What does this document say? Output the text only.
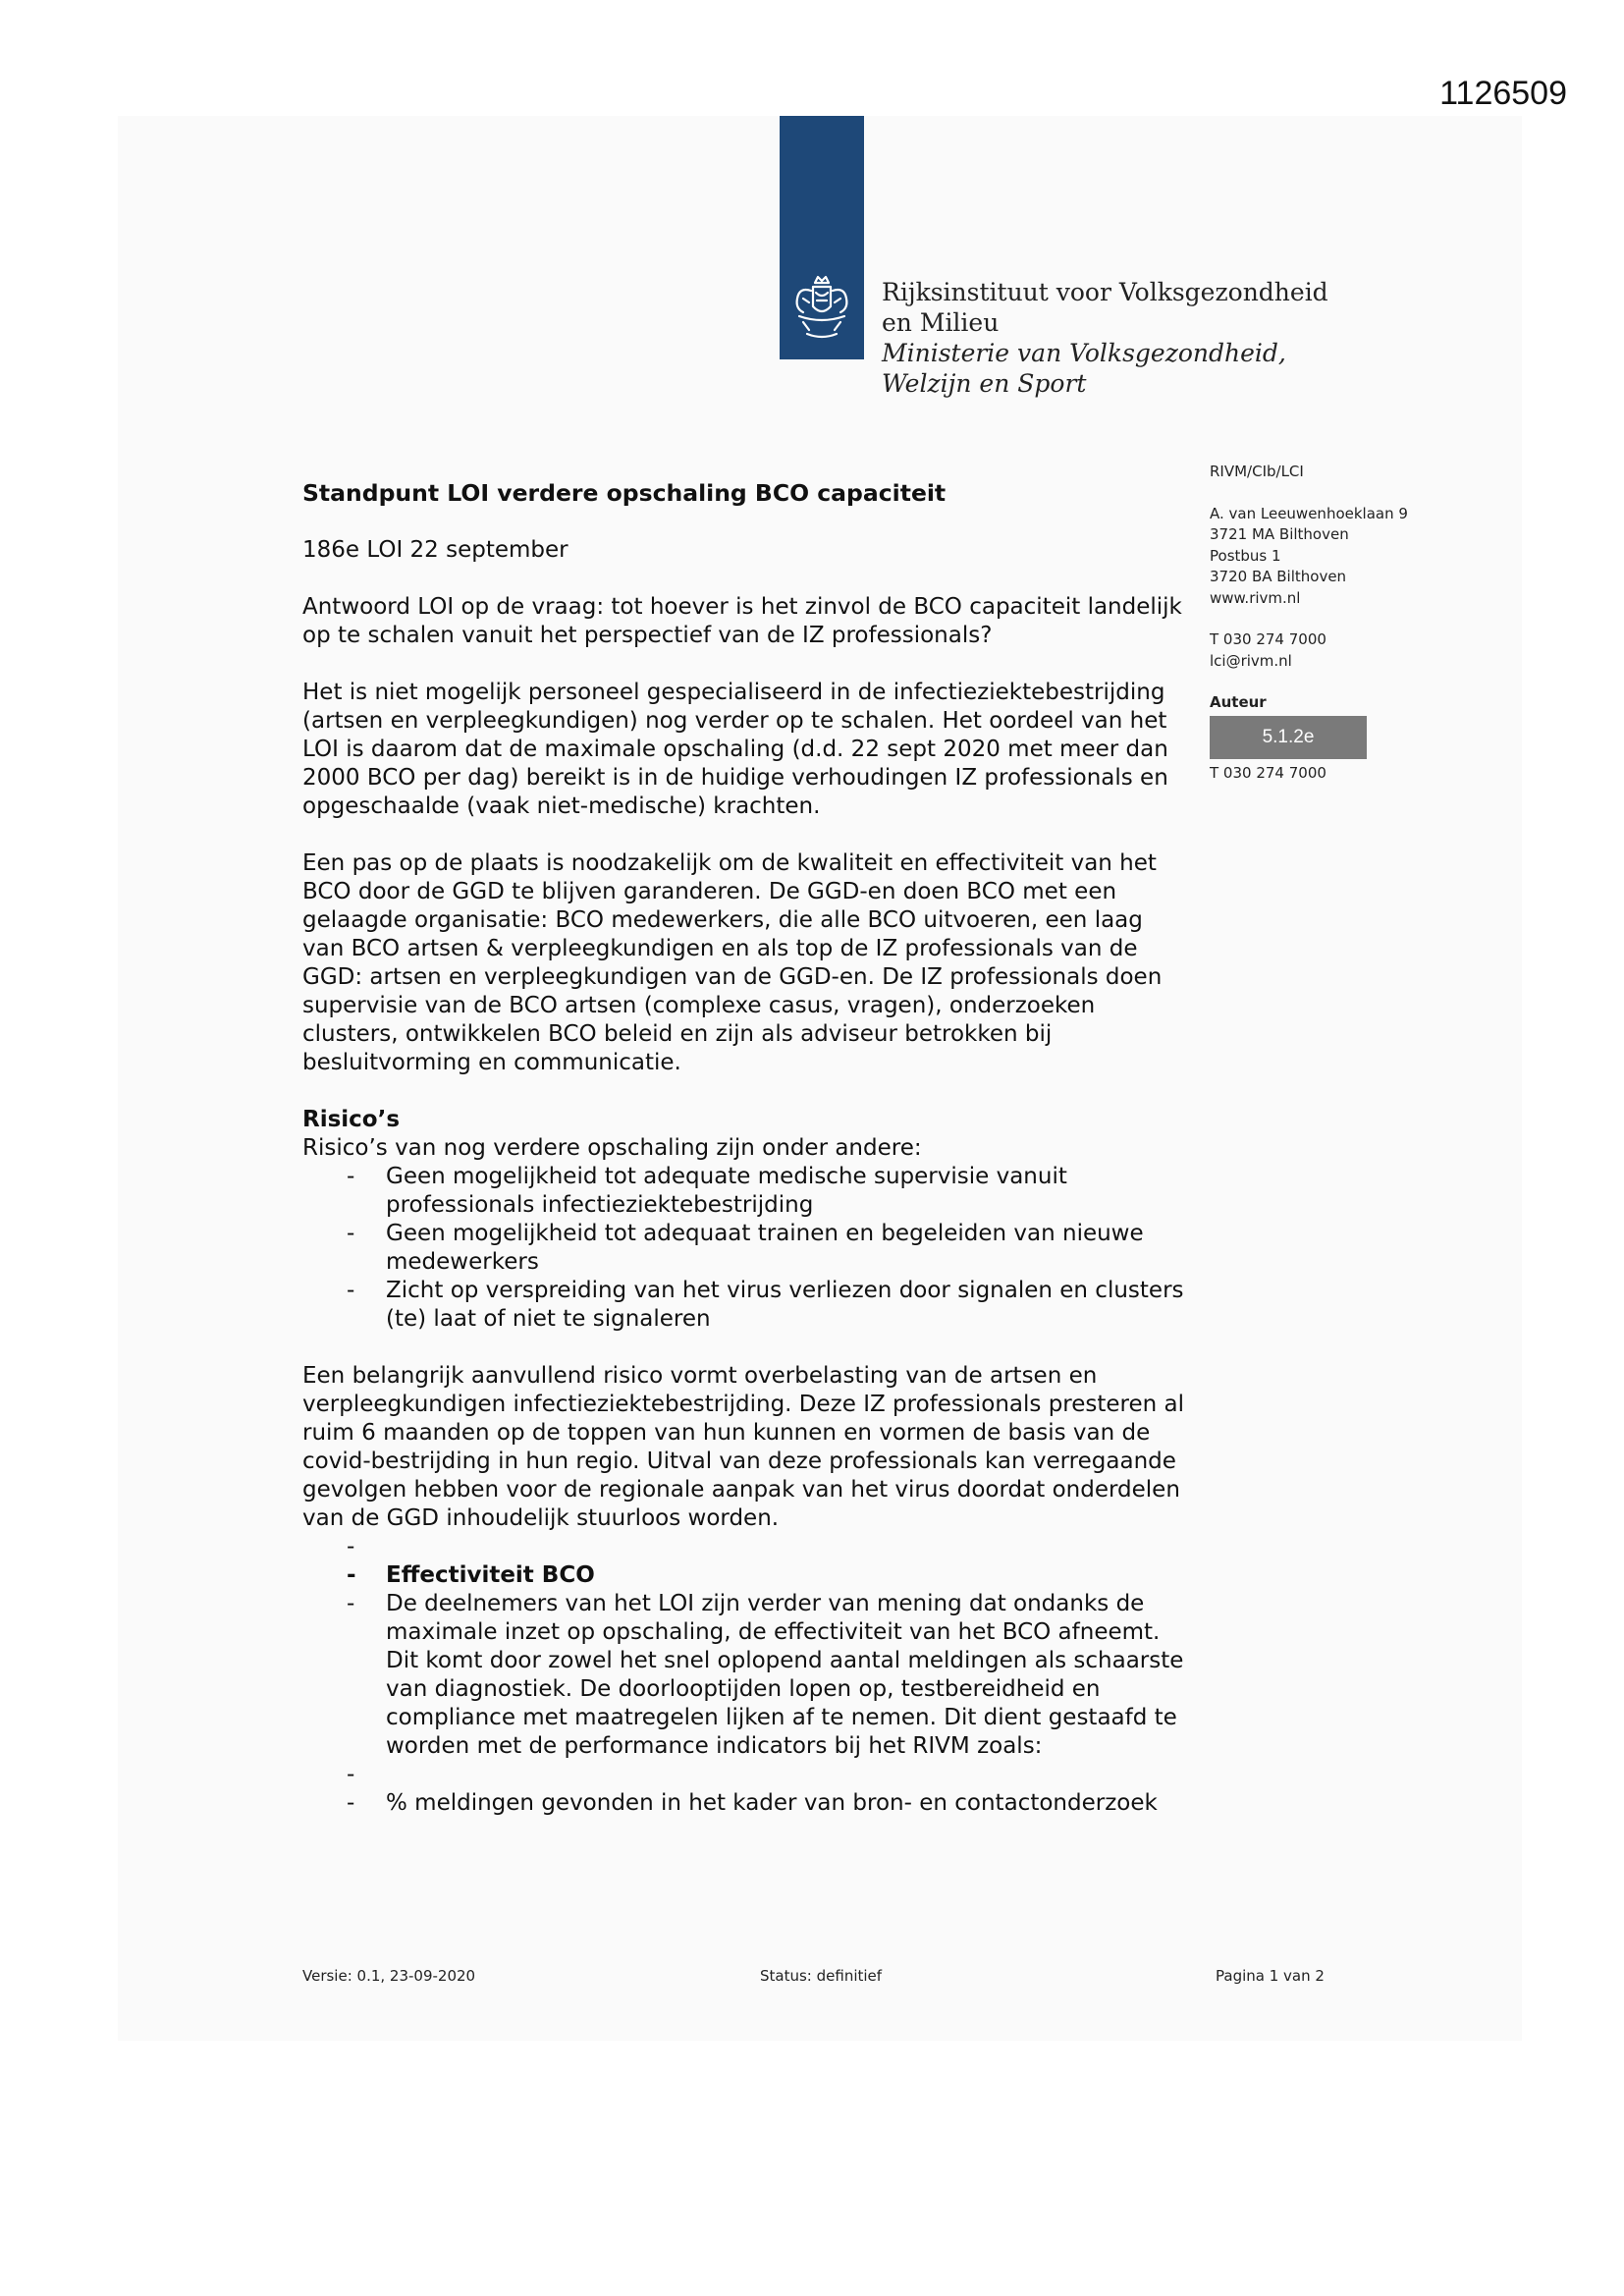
1126509
Rijksinstituut voor Volksgezondheid
en Milieu
Ministerie van Volksgezondheid,
Welzijn en Sport
RIVM/CIb/LCI
A. van Leeuwenhoeklaan 9
3721 MA Bilthoven
Postbus 1
3720 BA Bilthoven
www.rivm.nl
T 030 274 7000
lci@rivm.nl
Auteur
5.1.2e
T 030 274 7000

Standpunt LOI verdere opschaling BCO capaciteit

186e LOI 22 september

Antwoord LOI op de vraag: tot hoever is het zinvol de BCO capaciteit landelijk op te schalen vanuit het perspectief van de IZ professionals?

Het is niet mogelijk personeel gespecialiseerd in de infectieziektebestrijding (artsen en verpleegkundigen) nog verder op te schalen. Het oordeel van het LOI is daarom dat de maximale opschaling (d.d. 22 sept 2020 met meer dan 2000 BCO per dag) bereikt is in de huidige verhoudingen IZ professionals en opgeschaalde (vaak niet-medische) krachten.

Een pas op de plaats is noodzakelijk om de kwaliteit en effectiviteit van het BCO door de GGD te blijven garanderen. De GGD-en doen BCO met een gelaagde organisatie: BCO medewerkers, die alle BCO uitvoeren, een laag van BCO artsen & verpleegkundigen en als top de IZ professionals van de GGD: artsen en verpleegkundigen van de GGD-en. De IZ professionals doen supervisie van de BCO artsen (complexe casus, vragen), onderzoeken clusters, ontwikkelen BCO beleid en zijn als adviseur betrokken bij besluitvorming en communicatie.

Risico’s

Risico’s van nog verdere opschaling zijn onder andere:
- Geen mogelijkheid tot adequate medische supervisie vanuit professionals infectieziektebestrijding
- Geen mogelijkheid tot adequaat trainen en begeleiden van nieuwe medewerkers
- Zicht op verspreiding van het virus verliezen door signalen en clusters (te) laat of niet te signaleren

Een belangrijk aanvullend risico vormt overbelasting van de artsen en verpleegkundigen infectieziektebestrijding. Deze IZ professionals presteren al ruim 6 maanden op de toppen van hun kunnen en vormen de basis van de covid-bestrijding in hun regio. Uitval van deze professionals kan verregaande gevolgen hebben voor de regionale aanpak van het virus doordat onderdelen van de GGD inhoudelijk stuurloos worden.

-
- Effectiviteit BCO
- De deelnemers van het LOI zijn verder van mening dat ondanks de maximale inzet op opschaling, de effectiviteit van het BCO afneemt. Dit komt door zowel het snel oplopend aantal meldingen als schaarste van diagnostiek. De doorlooptijden lopen op, testbereidheid en compliance met maatregelen lijken af te nemen. Dit dient gestaafd te worden met de performance indicators bij het RIVM zoals:
-
- % meldingen gevonden in het kader van bron- en contactonderzoek
Versie: 0.1, 23-09-2020	Status: definitief	Pagina 1 van 2
